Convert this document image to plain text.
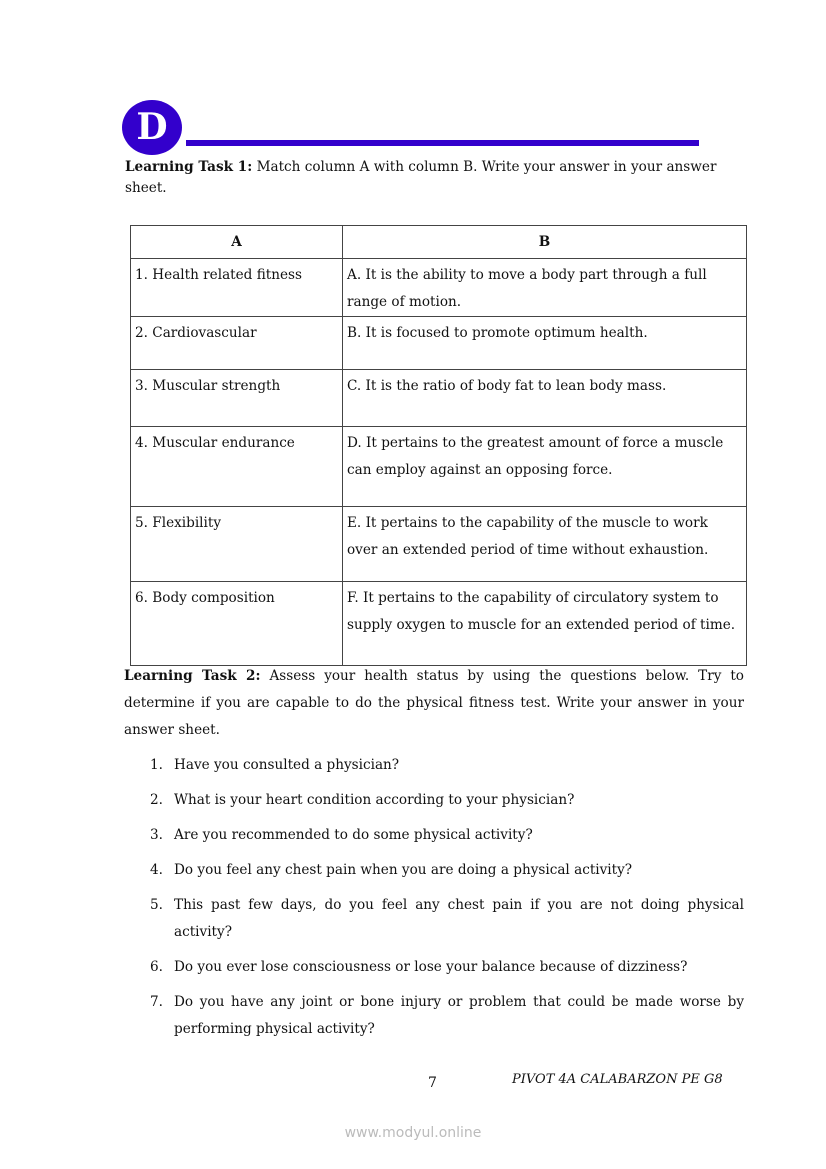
D
Learning Task 1: Match column A with column B. Write your answer in your answer sheet.
A	B
1. Health related fitness	A. It is the ability to move a body part through a full range of motion.
2. Cardiovascular	B. It is focused to promote optimum health.
3. Muscular strength	C. It is the ratio of body fat to lean body mass.
4. Muscular endurance	D. It pertains to the greatest amount of force a muscle can employ against an opposing force.
5. Flexibility	E. It pertains to the capability of the muscle to work over an extended period of time without exhaustion.
6. Body composition	F. It pertains to the capability of circulatory system to supply oxygen to muscle for an extended period of time.
Learning Task 2: Assess your health status by using the questions below. Try to determine if you are capable to do the physical fitness test. Write your answer in your answer sheet.
1. Have you consulted a physician?
2. What is your heart condition according to your physician?
3. Are you recommended to do some physical activity?
4. Do you feel any chest pain when you are doing a physical activity?
5. This past few days, do you feel any chest pain if you are not doing physical activity?
6. Do you ever lose consciousness or lose your balance because of dizziness?
7. Do you have any joint or bone injury or problem that could be made worse by performing physical activity?
7	PIVOT 4A CALABARZON PE G8
www.modyul.online
